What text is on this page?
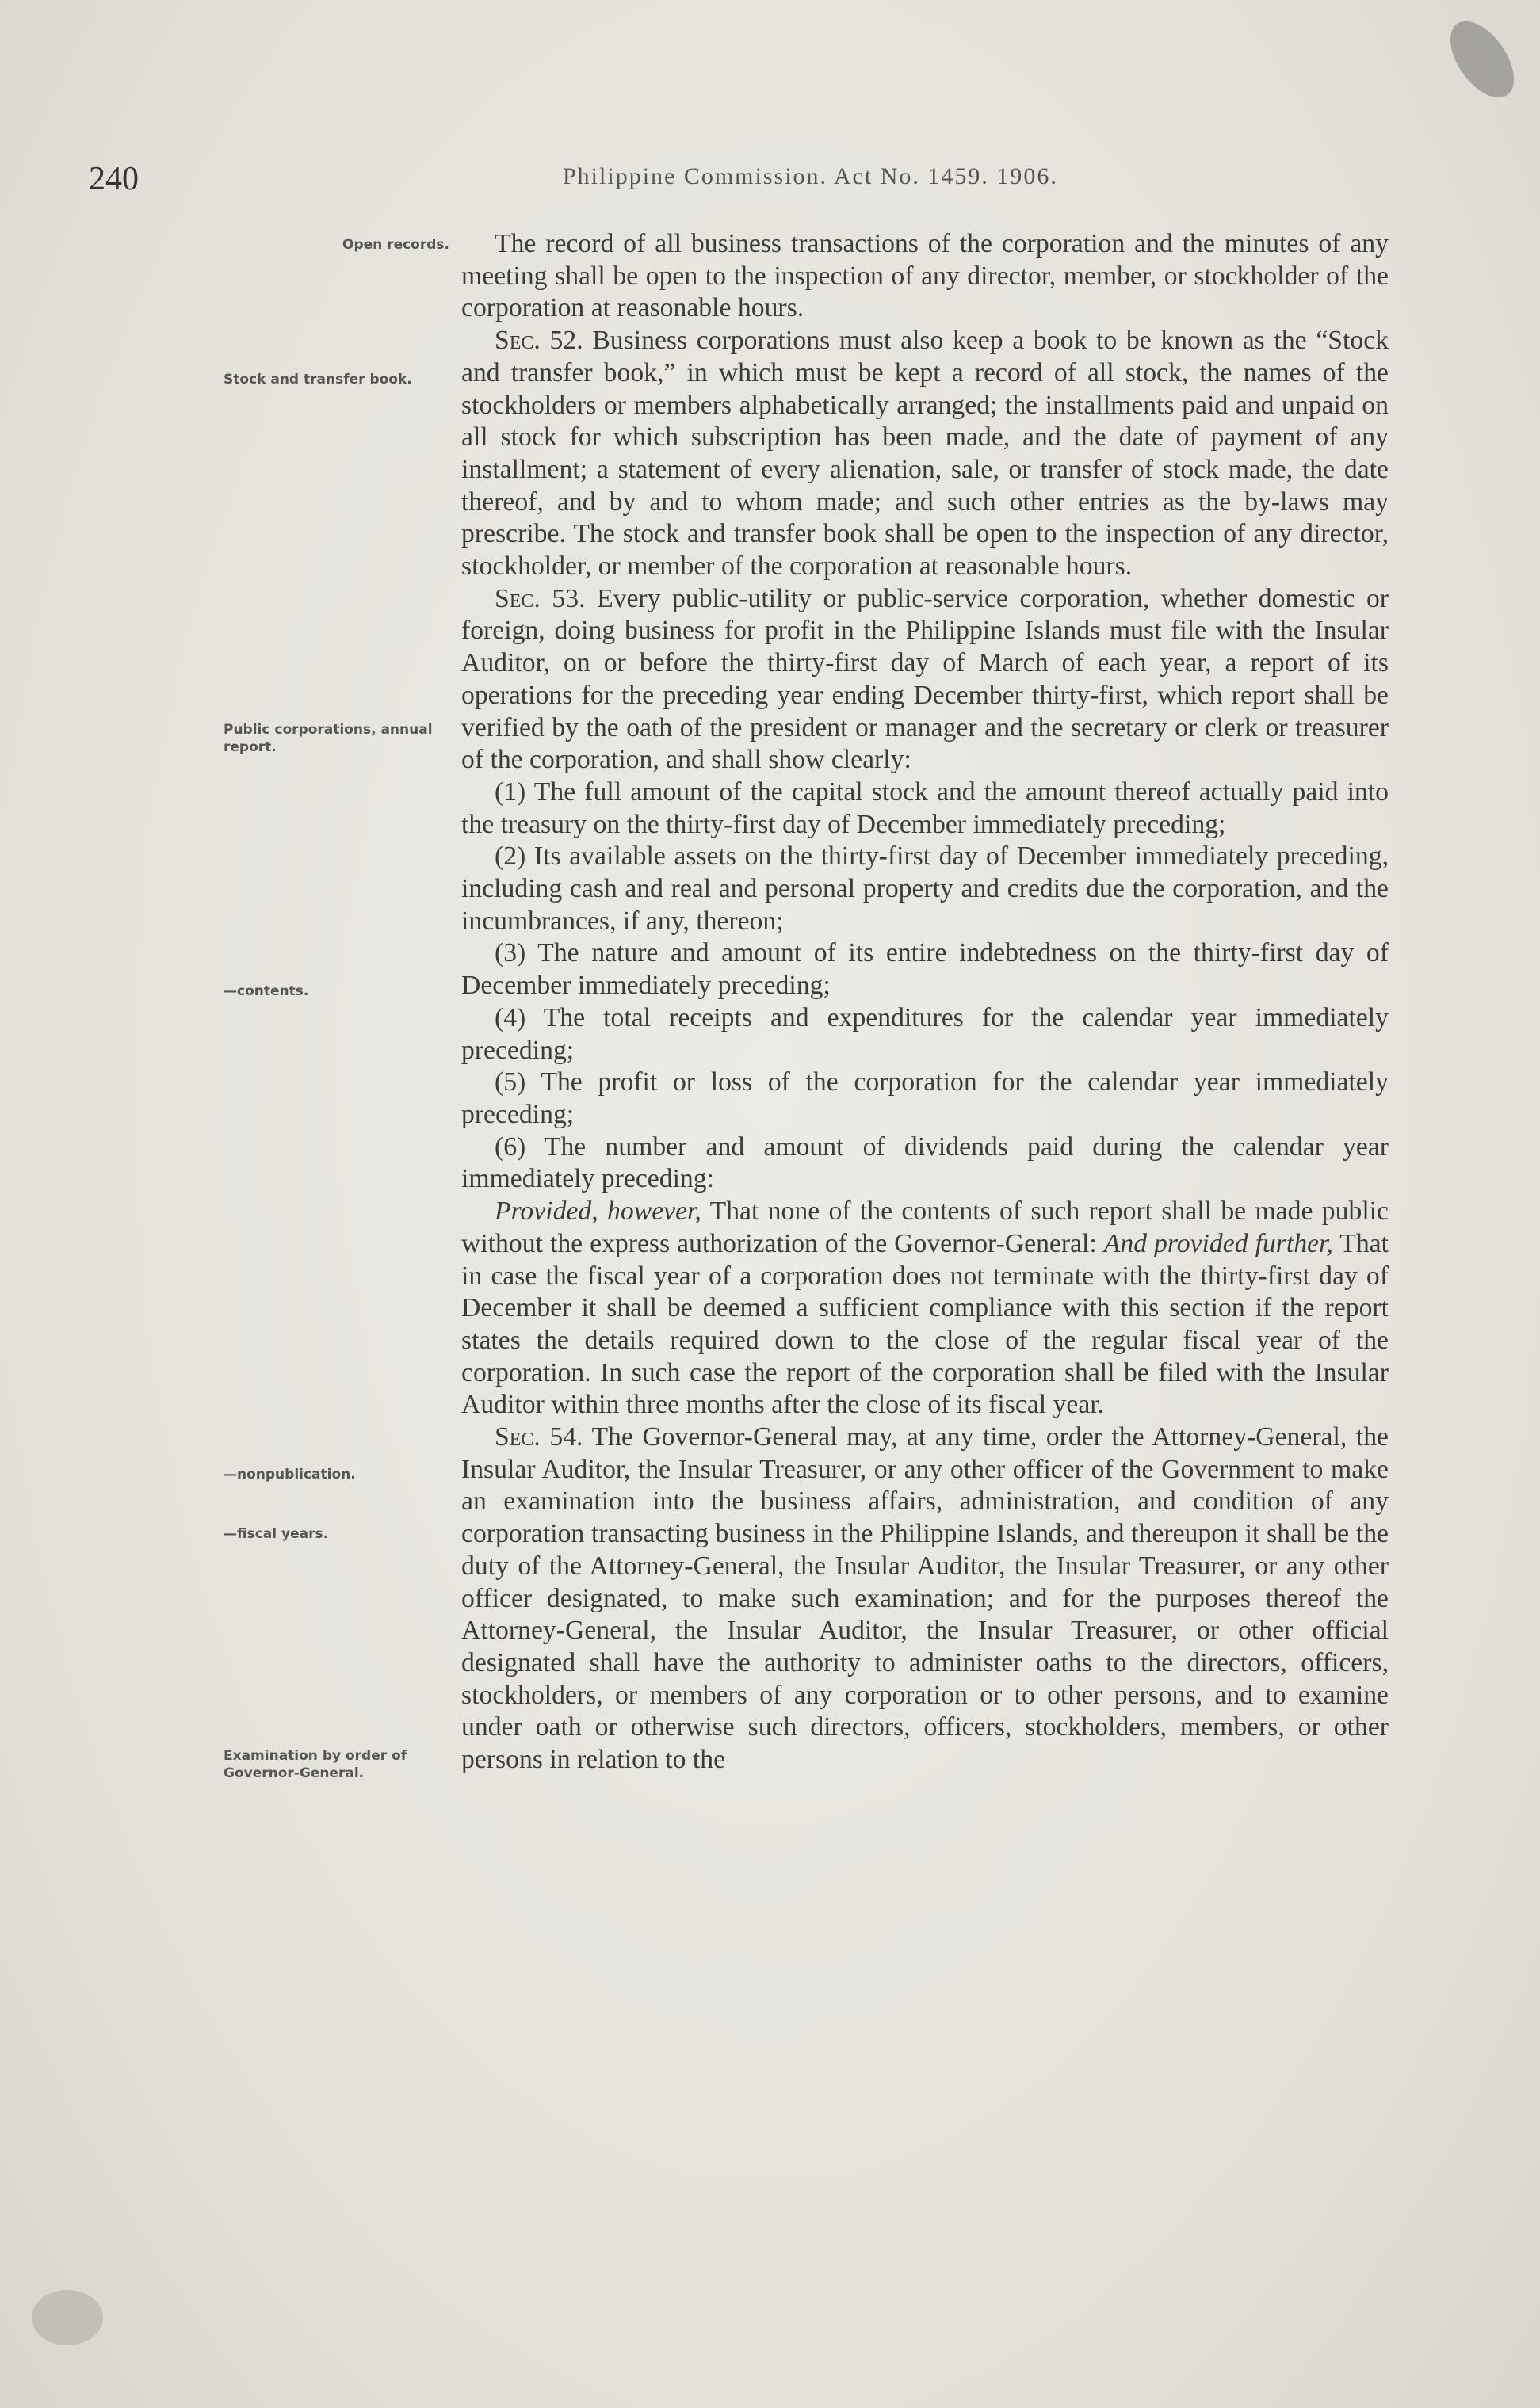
240	Philippine Commission. Act No. 1459. 1906.
Open records.
Stock and transfer book.
Public corporations, annual report.
—contents.
—nonpublication.
—fiscal years.
Examination by order of Governor-General.

The record of all business transactions of the corporation and the minutes of any meeting shall be open to the inspection of any director, member, or stockholder of the corporation at reasonable hours.

Sec. 52. Business corporations must also keep a book to be known as the “Stock and transfer book,” in which must be kept a record of all stock, the names of the stockholders or members alphabetically arranged; the installments paid and unpaid on all stock for which subscription has been made, and the date of payment of any installment; a statement of every alienation, sale, or transfer of stock made, the date thereof, and by and to whom made; and such other entries as the by-laws may prescribe. The stock and transfer book shall be open to the inspection of any director, stockholder, or member of the corporation at reasonable hours.

Sec. 53. Every public-utility or public-service corporation, whether domestic or foreign, doing business for profit in the Philippine Islands must file with the Insular Auditor, on or before the thirty-first day of March of each year, a report of its operations for the preceding year ending December thirty-first, which report shall be verified by the oath of the president or manager and the secretary or clerk or treasurer of the corporation, and shall show clearly:

(1) The full amount of the capital stock and the amount thereof actually paid into the treasury on the thirty-first day of December immediately preceding;

(2) Its available assets on the thirty-first day of December immediately preceding, including cash and real and personal property and credits due the corporation, and the incumbrances, if any, thereon;

(3) The nature and amount of its entire indebtedness on the thirty-first day of December immediately preceding;

(4) The total receipts and expenditures for the calendar year immediately preceding;

(5) The profit or loss of the corporation for the calendar year immediately preceding;

(6) The number and amount of dividends paid during the calendar year immediately preceding:

Provided, however, That none of the contents of such report shall be made public without the express authorization of the Governor-General: And provided further, That in case the fiscal year of a corporation does not terminate with the thirty-first day of December it shall be deemed a sufficient compliance with this section if the report states the details required down to the close of the regular fiscal year of the corporation. In such case the report of the corporation shall be filed with the Insular Auditor within three months after the close of its fiscal year.

Sec. 54. The Governor-General may, at any time, order the Attorney-General, the Insular Auditor, the Insular Treasurer, or any other officer of the Government to make an examination into the business affairs, administration, and condition of any corporation transacting business in the Philippine Islands, and thereupon it shall be the duty of the Attorney-General, the Insular Auditor, the Insular Treasurer, or any other officer designated, to make such examination; and for the purposes thereof the Attorney-General, the Insular Auditor, the Insular Treasurer, or other official designated shall have the authority to administer oaths to the directors, officers, stockholders, or members of any corporation or to other persons, and to examine under oath or otherwise such directors, officers, stockholders, members, or other persons in relation to the
